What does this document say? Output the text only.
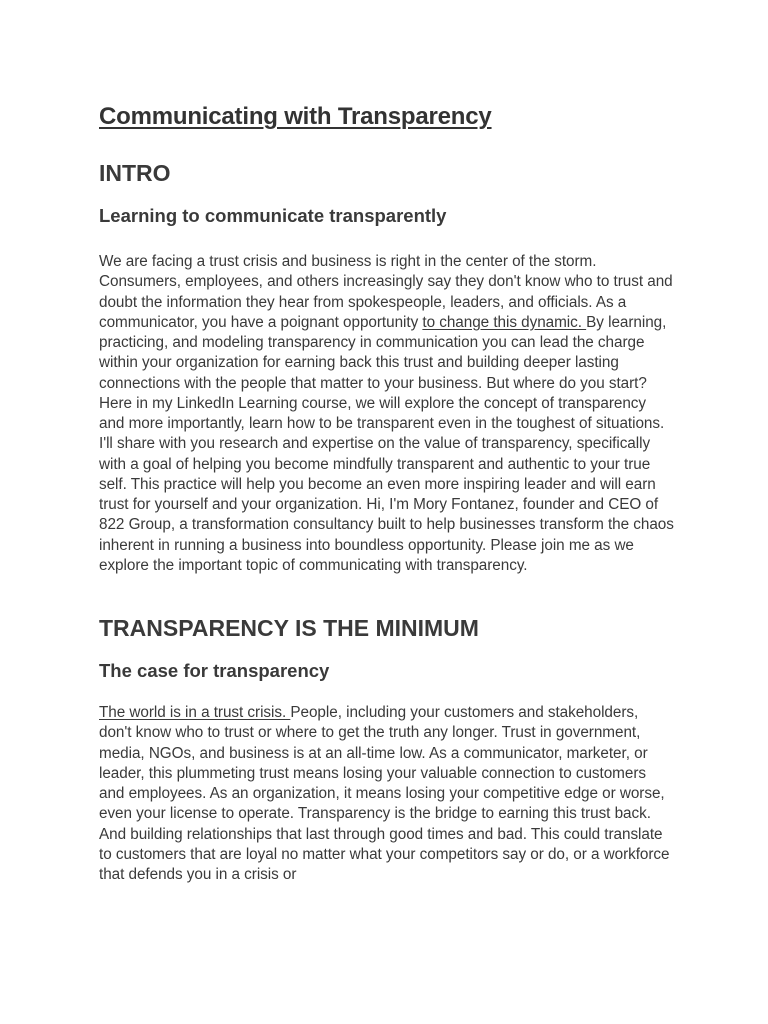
Communicating with Transparency
INTRO
Learning to communicate transparently

We are facing a trust crisis and business is right in the center of the storm. Consumers, employees, and others increasingly say they don't know who to trust and doubt the information they hear from spokespeople, leaders, and officials. As a communicator, you have a poignant opportunity to change this dynamic. By learning, practicing, and modeling transparency in communication you can lead the charge within your organization for earning back this trust and building deeper lasting connections with the people that matter to your business. But where do you start? Here in my LinkedIn Learning course, we will explore the concept of transparency and more importantly, learn how to be transparent even in the toughest of situations. I'll share with you research and expertise on the value of transparency, specifically with a goal of helping you become mindfully transparent and authentic to your true self. This practice will help you become an even more inspiring leader and will earn trust for yourself and your organization. Hi, I'm Mory Fontanez, founder and CEO of 822 Group, a transformation consultancy built to help businesses transform the chaos inherent in running a business into boundless opportunity. Please join me as we explore the important topic of communicating with transparency.

TRANSPARENCY IS THE MINIMUM
The case for transparency

The world is in a trust crisis. People, including your customers and stakeholders, don't know who to trust or where to get the truth any longer. Trust in government, media, NGOs, and business is at an all-time low. As a communicator, marketer, or leader, this plummeting trust means losing your valuable connection to customers and employees. As an organization, it means losing your competitive edge or worse, even your license to operate. Transparency is the bridge to earning this trust back. And building relationships that last through good times and bad. This could translate to customers that are loyal no matter what your competitors say or do, or a workforce that defends you in a crisis or
